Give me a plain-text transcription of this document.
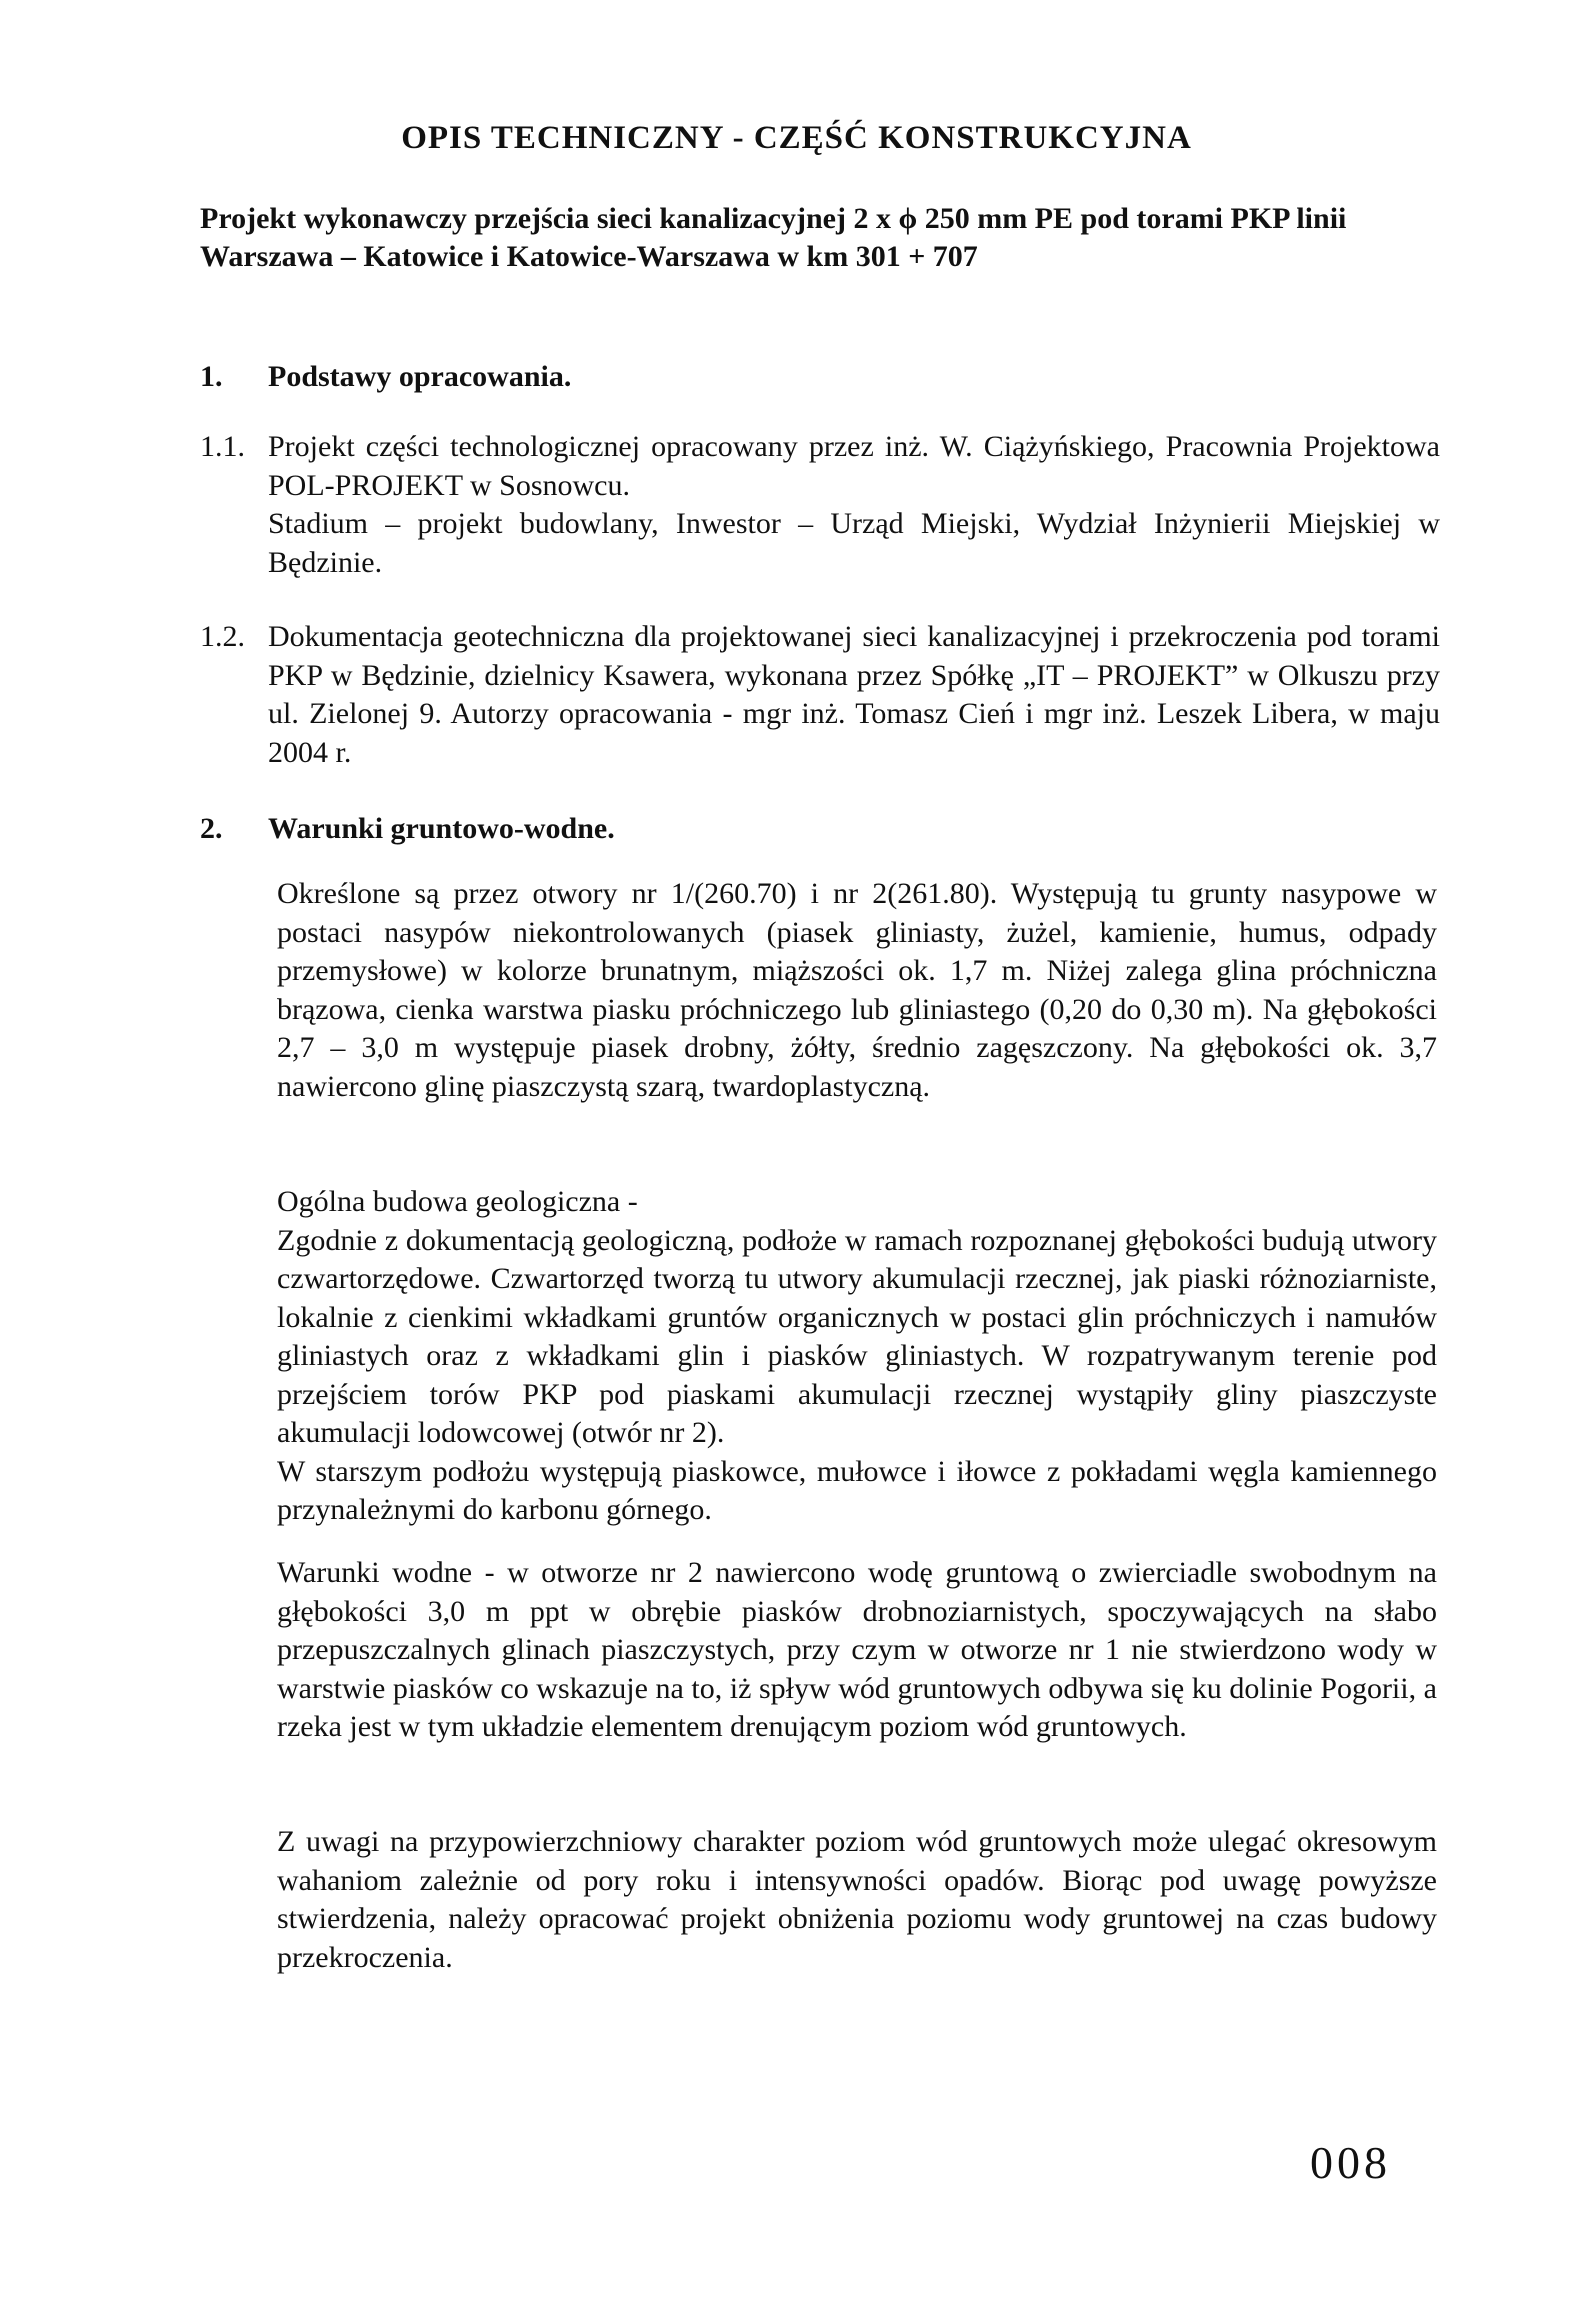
OPIS TECHNICZNY - CZĘŚĆ KONSTRUKCYJNA
Projekt wykonawczy przejścia sieci kanalizacyjnej 2 x ϕ 250 mm PE pod torami PKP linii Warszawa – Katowice i Katowice-Warszawa w km 301 + 707
1. Podstawy opracowania.
1.1. Projekt części technologicznej opracowany przez inż. W. Ciążyńskiego, Pracownia Projektowa POL-PROJEKT w Sosnowcu.

Stadium – projekt budowlany, Inwestor – Urząd Miejski, Wydział Inżynierii Miejskiej w Będzinie.

1.2. Dokumentacja geotechniczna dla projektowanej sieci kanalizacyjnej i przekroczenia pod torami PKP w Będzinie, dzielnicy Ksawera, wykonana przez Spółkę „IT – PROJEKT” w Olkuszu przy ul. Zielonej 9. Autorzy opracowania - mgr inż. Tomasz Cień i mgr inż. Leszek Libera, w maju 2004 r.

2. Warunki gruntowo-wodne.

Określone są przez otwory nr 1/(260.70) i nr 2(261.80). Występują tu grunty nasypowe w postaci nasypów niekontrolowanych (piasek gliniasty, żużel, kamienie, humus, odpady przemysłowe) w kolorze brunatnym, miąższości ok. 1,7 m. Niżej zalega glina próchniczna brązowa, cienka warstwa piasku próchniczego lub gliniastego (0,20 do 0,30 m). Na głębokości 2,7 – 3,0 m występuje piasek drobny, żółty, średnio zagęszczony. Na głębokości ok. 3,7 nawiercono glinę piaszczystą szarą, twardoplastyczną.

Ogólna budowa geologiczna -

Zgodnie z dokumentacją geologiczną, podłoże w ramach rozpoznanej głębokości budują utwory czwartorzędowe. Czwartorzęd tworzą tu utwory akumulacji rzecznej, jak piaski różnoziarniste, lokalnie z cienkimi wkładkami gruntów organicznych w postaci glin próchniczych i namułów gliniastych oraz z wkładkami glin i piasków gliniastych. W rozpatrywanym terenie pod przejściem torów PKP pod piaskami akumulacji rzecznej wystąpiły gliny piaszczyste akumulacji lodowcowej (otwór nr 2).

W starszym podłożu występują piaskowce, mułowce i iłowce z pokładami węgla kamiennego przynależnymi do karbonu górnego.

Warunki wodne - w otworze nr 2 nawiercono wodę gruntową o zwierciadle swobodnym na głębokości 3,0 m ppt w obrębie piasków drobnoziarnistych, spoczywających na słabo przepuszczalnych glinach piaszczystych, przy czym w otworze nr 1 nie stwierdzono wody w warstwie piasków co wskazuje na to, iż spływ wód gruntowych odbywa się ku dolinie Pogorii, a rzeka jest w tym układzie elementem drenującym poziom wód gruntowych.

Z uwagi na przypowierzchniowy charakter poziom wód gruntowych może ulegać okresowym wahaniom zależnie od pory roku i intensywności opadów. Biorąc pod uwagę powyższe stwierdzenia, należy opracować projekt obniżenia poziomu wody gruntowej na czas budowy przekroczenia.

008
